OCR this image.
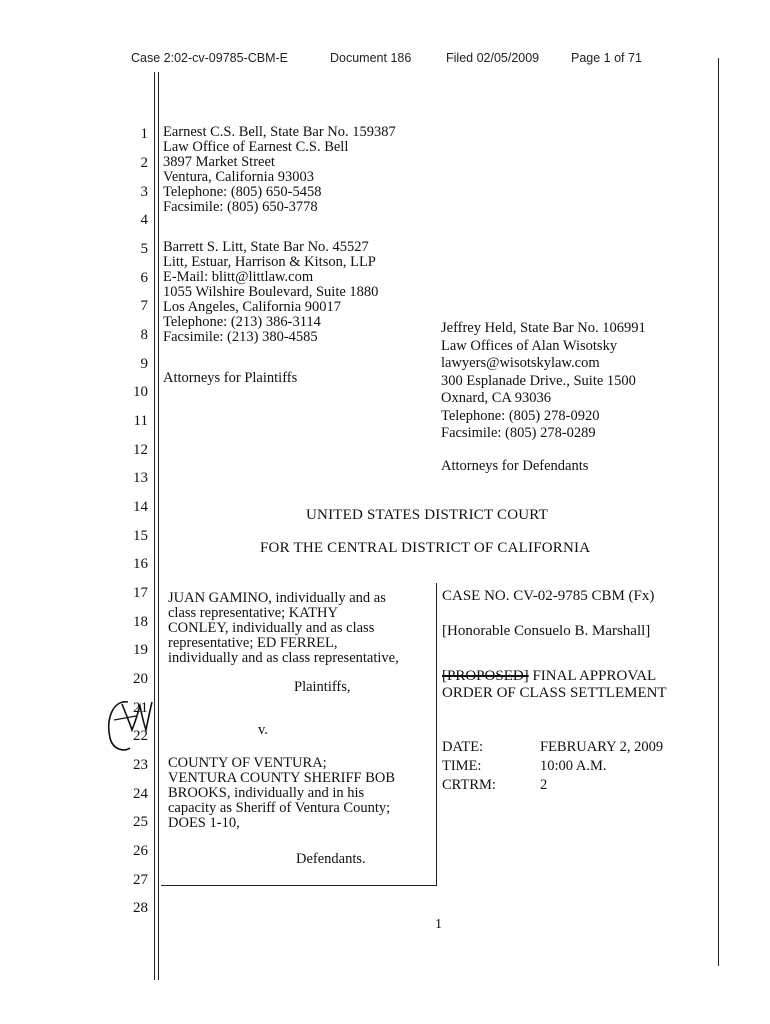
Case 2:02-cv-09785-CBM-E	Document 186	Filed 02/05/2009	Page 1 of 71
1
2
3
4
5
6
7
8
9
10
11
12
13
14
15
16
17
18
19
20
21
22
23
24
25
26
27
28
Earnest C.S. Bell, State Bar No. 159387
Law Office of Earnest C.S. Bell
3897 Market Street
Ventura, California 93003
Telephone: (805) 650-5458
Facsimile: (805) 650-3778
Barrett S. Litt, State Bar No. 45527
Litt, Estuar, Harrison & Kitson, LLP
E-Mail: blitt@littlaw.com
1055 Wilshire Boulevard, Suite 1880
Los Angeles, California 90017
Telephone: (213) 386-3114
Facsimile: (213) 380-4585
Attorneys for Plaintiffs
Jeffrey Held, State Bar No. 106991
Law Offices of Alan Wisotsky
lawyers@wisotskylaw.com
300 Esplanade Drive., Suite 1500
Oxnard, CA 93036
Telephone: (805) 278-0920
Facsimile: (805) 278-0289
Attorneys for Defendants
UNITED STATES DISTRICT COURT
FOR THE CENTRAL DISTRICT OF CALIFORNIA
JUAN GAMINO, individually and as
class representative; KATHY
CONLEY, individually and as class
representative; ED FERREL,
individually and as class representative,
Plaintiffs,
v.
COUNTY OF VENTURA;
VENTURA COUNTY SHERIFF BOB
BROOKS, individually and in his
capacity as Sheriff of Ventura County;
DOES 1-10,
Defendants.
CASE NO. CV-02-9785 CBM (Fx)
[Honorable Consuelo B. Marshall]
[PROPOSED] FINAL APPROVAL
ORDER OF CLASS SETTLEMENT
DATE:	FEBRUARY 2, 2009
TIME:	10:00 A.M.
CRTRM:	2
1
